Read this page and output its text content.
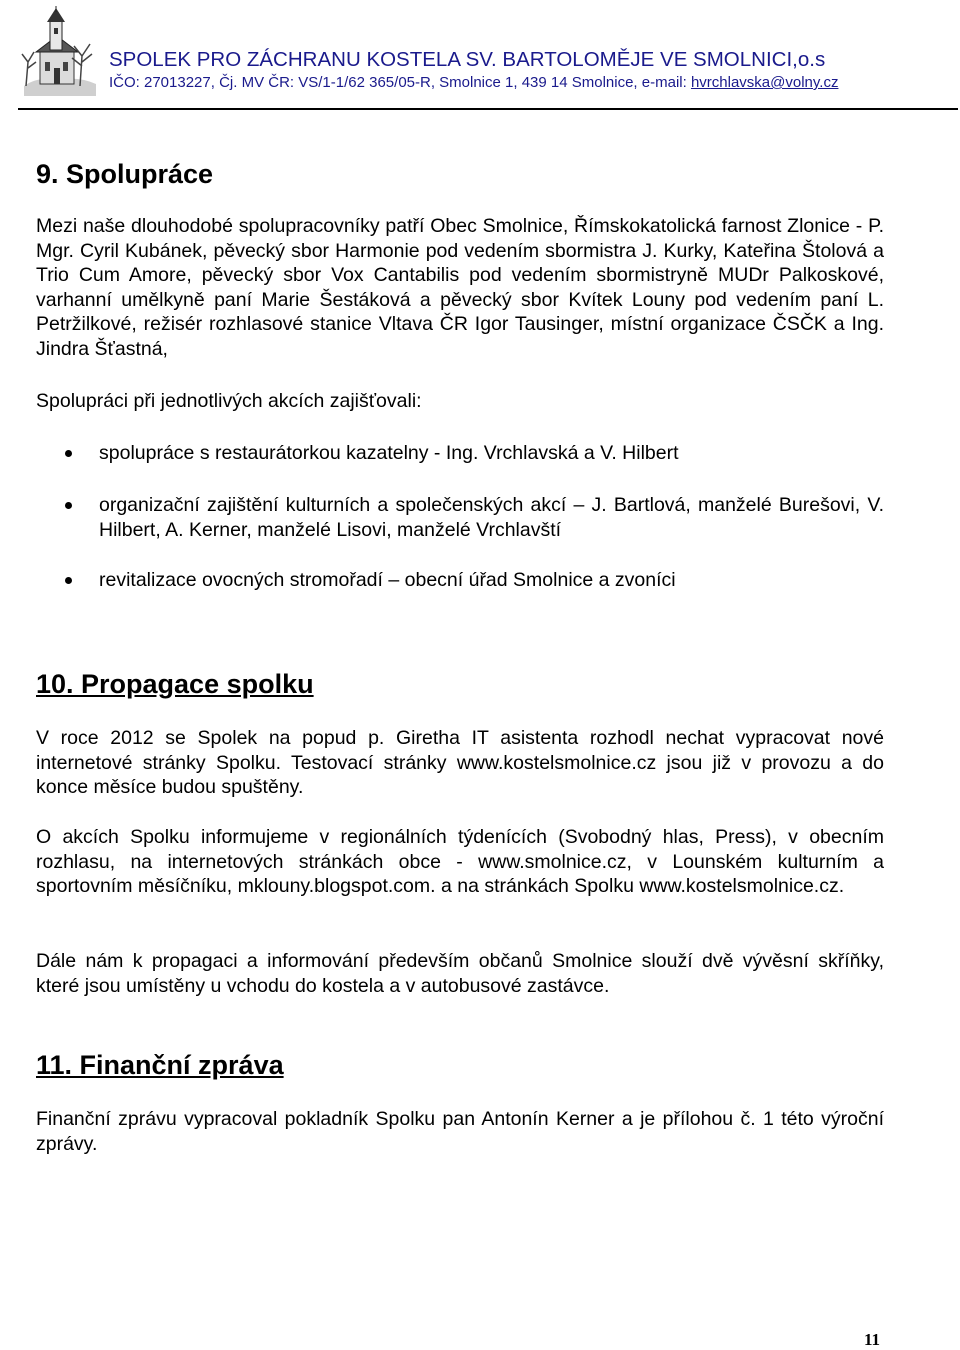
SPOLEK PRO ZÁCHRANU KOSTELA SV. BARTOLOMĚJE VE SMOLNICI,o.s
IČO: 27013227, Čj. MV ČR: VS/1-1/62 365/05-R, Smolnice 1, 439 14 Smolnice, e-mail: hvrchlavska@volny.cz
9. Spolupráce

Mezi naše dlouhodobé spolupracovníky patří Obec Smolnice, Římskokatolická farnost Zlonice - P. Mgr. Cyril Kubánek, pěvecký sbor Harmonie pod vedením sbormistra J. Kurky, Kateřina Štolová a Trio Cum Amore, pěvecký sbor Vox Cantabilis pod vedením sbormistryně MUDr Palkoskové, varhanní umělkyně paní Marie Šestáková a pěvecký sbor Kvítek Louny pod vedením paní L. Petržilkové, režisér rozhlasové stanice Vltava ČR Igor Tausinger, místní organizace ČSČK a Ing. Jindra Šťastná,

Spolupráci při jednotlivých akcích zajišťovali:

spolupráce s restaurátorkou kazatelny - Ing. Vrchlavská a V. Hilbert
organizační zajištění kulturních a společenských akcí – J. Bartlová, manželé Burešovi, V. Hilbert, A. Kerner, manželé Lisovi, manželé Vrchlavští
revitalizace ovocných stromořadí – obecní úřad Smolnice a zvoníci
10. Propagace spolku

V roce 2012 se Spolek na popud p. Giretha IT asistenta rozhodl nechat vypracovat nové internetové stránky Spolku. Testovací stránky www.kostelsmolnice.cz jsou již v provozu a do konce měsíce budou spuštěny.

O akcích Spolku informujeme v regionálních týdenících (Svobodný hlas, Press), v obecním rozhlasu, na internetových stránkách obce - www.smolnice.cz, v Lounském kulturním a sportovním měsíčníku, mklouny.blogspot.com. a na stránkách Spolku www.kostelsmolnice.cz.

Dále nám k propagaci a informování především občanů Smolnice slouží dvě vývěsní skříňky, které jsou umístěny u vchodu do kostela a v autobusové zastávce.

11. Finanční zpráva

Finanční zprávu vypracoval pokladník Spolku pan Antonín Kerner a je přílohou č. 1 této výroční zprávy.

11
